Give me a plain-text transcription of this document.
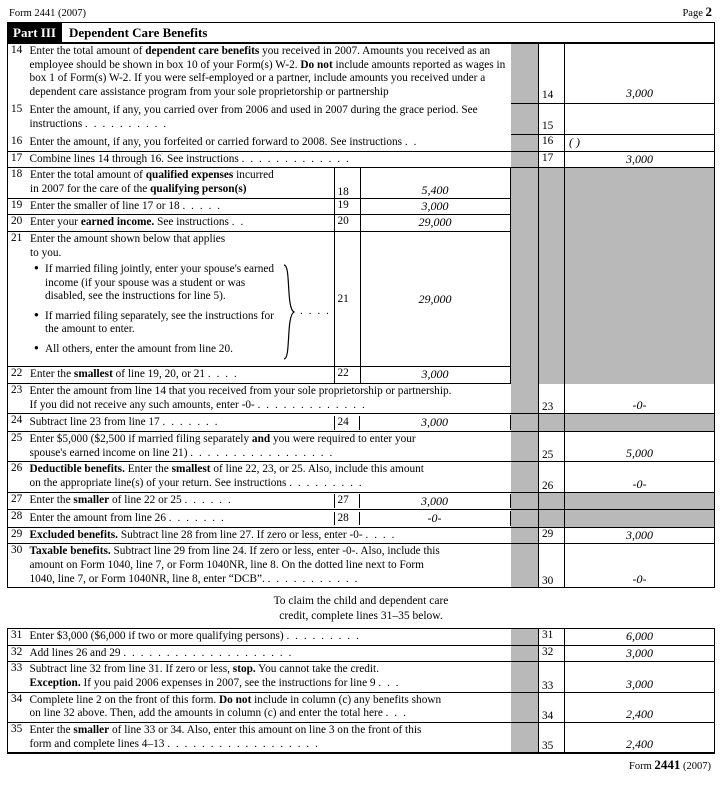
Form 2441 (2007)	Page 2
Part III	Dependent Care Benefits
14	Enter the total amount of dependent care benefits you received in 2007. Amounts you received as an employee should be shown in box 10 of your Form(s) W-2. Do not include amounts reported as wages in box 1 of Form(s) W-2. If you were self-employed or a partner, include amounts you received under a dependent care assistance program from your sole proprietorship or partnership		14	3,000

15	Enter the amount, if any, you carried over from 2006 and used in 2007 during the grace period. See instructions . . . . . . . . . .		15	

16	Enter the amount, if any, you forfeited or carried forward to 2008. See instructions . .		16	( )
17	Combine lines 14 through 16. See instructions . . . . . . . . . . . . .		17	3,000

18	Enter the total amount of qualified expenses incurred
in 2007 for the care of the qualifying person(s)	18	5,400
19	Enter the smaller of line 17 or 18 . . . . .	19	3,000
20	Enter your earned income. See instructions . .	20	29,000
21	Enter the amount shown below that applies
to you.
● If married filing jointly, enter your spouse's earned income (if your spouse was a student or was disabled, see the instructions for line 5).
● If married filing separately, see the instructions for the amount to enter.
● All others, enter the amount from line 20.
. . . .
	21	29,000
22	Enter the smallest of line 19, 20, or 21 . . . .	22	3,000

23	Enter the amount from line 14 that you received from your sole proprietorship or partnership.
If you did not receive any such amounts, enter -0- . . . . . . . . . . . . .		23	-0-
24	Subtract line 23 from line 17 . . . . . . .	24	3,000

25	Enter $5,000 ($2,500 if married filing separately and you were required to enter your
spouse's earned income on line 21) . . . . . . . . . . . . . . . . .		25	5,000
26	Deductible benefits. Enter the smallest of line 22, 23, or 25. Also, include this amount
on the appropriate line(s) of your return. See instructions . . . . . . . . .		26	-0-
27	Enter the smaller of line 22 or 25 . . . . . .	27	3,000

28	Enter the amount from line 26 . . . . . . .	28	-0-

29	Excluded benefits. Subtract line 28 from line 27. If zero or less, enter -0- . . . .		29	3,000
30	Taxable benefits. Subtract line 29 from line 24. If zero or less, enter -0-. Also, include this
amount on Form 1040, line 7, or Form 1040NR, line 8. On the dotted line next to Form
1040, line 7, or Form 1040NR, line 8, enter “DCB”. . . . . . . . . . . .		30	-0-
To claim the child and dependent care
credit, complete lines 31–35 below.
31	Enter $3,000 ($6,000 if two or more qualifying persons) . . . . . . . . .		31	6,000
32	Add lines 26 and 29 . . . . . . . . . . . . . . . . . . . .		32	3,000
33	Subtract line 32 from line 31. If zero or less, stop. You cannot take the credit.
Exception. If you paid 2006 expenses in 2007, see the instructions for line 9 . . .		33	3,000
34	Complete line 2 on the front of this form. Do not include in column (c) any benefits shown
on line 32 above. Then, add the amounts in column (c) and enter the total here . . .		34	2,400
35	Enter the smaller of line 33 or 34. Also, enter this amount on line 3 on the front of this
form and complete lines 4–13 . . . . . . . . . . . . . . . . . .		35	2,400
Form 2441 (2007)
